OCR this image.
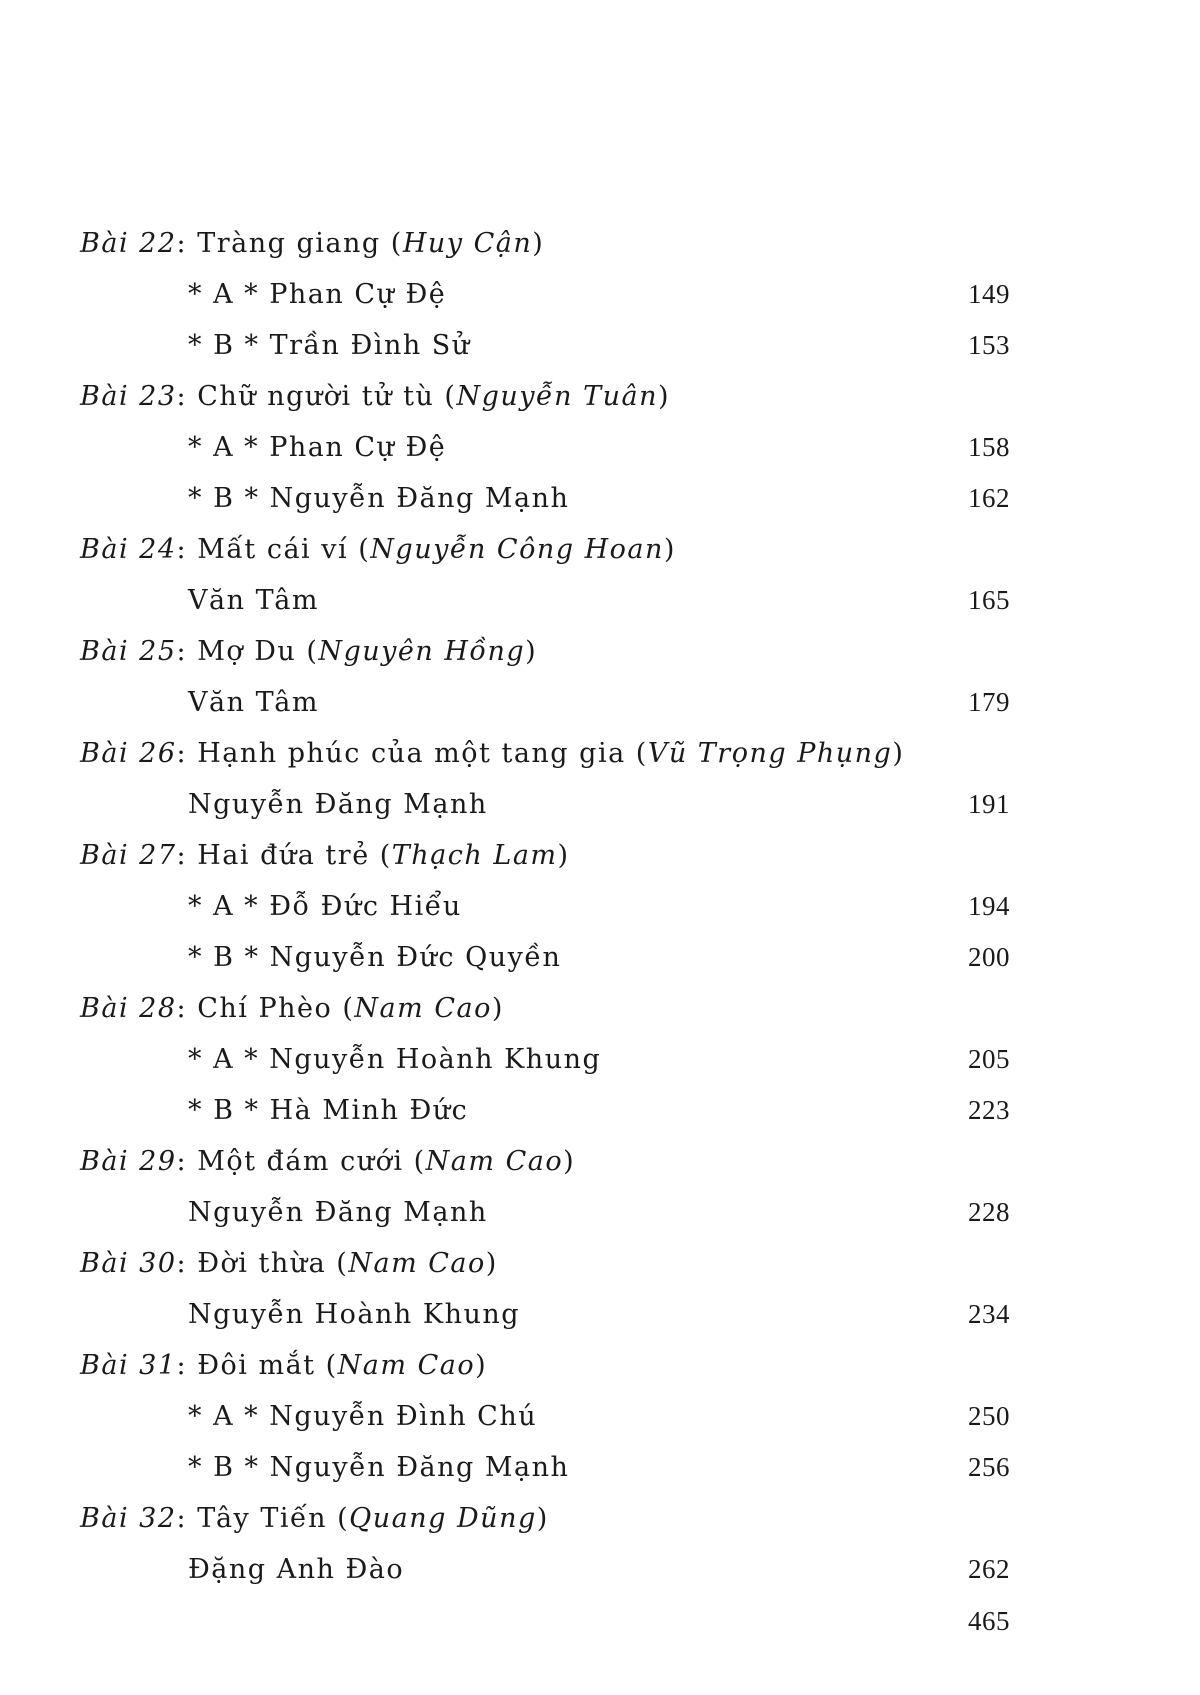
Bài 22: Tràng giang (Huy Cận)
* A * Phan Cự Đệ	149
* B * Trần Đình Sử	153
Bài 23: Chữ người tử tù (Nguyễn Tuân)
* A * Phan Cự Đệ	158
* B * Nguyễn Đăng Mạnh	162
Bài 24: Mất cái ví (Nguyễn Công Hoan)
Văn Tâm	165
Bài 25: Mợ Du (Nguyên Hồng)
Văn Tâm	179
Bài 26: Hạnh phúc của một tang gia (Vũ Trọng Phụng)
Nguyễn Đăng Mạnh	191
Bài 27: Hai đứa trẻ (Thạch Lam)
* A * Đỗ Đức Hiểu	194
* B * Nguyễn Đức Quyền	200
Bài 28: Chí Phèo (Nam Cao)
* A * Nguyễn Hoành Khung	205
* B * Hà Minh Đức	223
Bài 29: Một đám cưới (Nam Cao)
Nguyễn Đăng Mạnh	228
Bài 30: Đời thừa (Nam Cao)
Nguyễn Hoành Khung	234
Bài 31: Đôi mắt (Nam Cao)
* A * Nguyễn Đình Chú	250
* B * Nguyễn Đăng Mạnh	256
Bài 32: Tây Tiến (Quang Dũng)
Đặng Anh Đào	262
465
